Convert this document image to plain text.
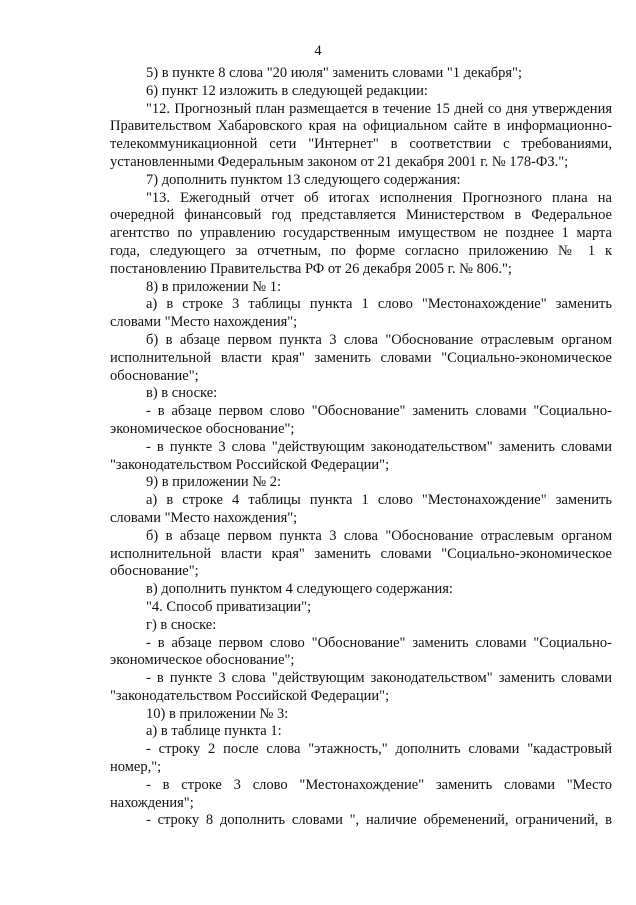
4

5) в пункте 8 слова "20 июля" заменить словами "1 декабря";

6) пункт 12 изложить в следующей редакции:

"12. Прогнозный план размещается в течение 15 дней со дня утверждения Правительством Хабаровского края на официальном сайте в информационно-телекоммуникационной сети "Интернет" в соответствии с требованиями, установленными Федеральным законом от 21 декабря 2001 г. № 178-ФЗ.";

7) дополнить пунктом 13 следующего содержания:

"13. Ежегодный отчет об итогах исполнения Прогнозного плана на очередной финансовый год представляется Министерством в Федеральное агентство по управлению государственным имуществом не позднее 1 марта года, следующего за отчетным, по форме согласно приложению № 1 к постановлению Правительства РФ от 26 декабря 2005 г. № 806.";

8) в приложении № 1:

а) в строке 3 таблицы пункта 1 слово "Местонахождение" заменить словами "Место нахождения";

б) в абзаце первом пункта 3 слова "Обоснование отраслевым органом исполнительной власти края" заменить словами "Социально-экономическое обоснование";

в) в сноске:

- в абзаце первом слово "Обоснование" заменить словами "Социально-экономическое обоснование";

- в пункте 3 слова "действующим законодательством" заменить словами "законодательством Российской Федерации";

9) в приложении № 2:

а) в строке 4 таблицы пункта 1 слово "Местонахождение" заменить словами "Место нахождения";

б) в абзаце первом пункта 3 слова "Обоснование отраслевым органом исполнительной власти края" заменить словами "Социально-экономическое обоснование";

в) дополнить пунктом 4 следующего содержания:

"4. Способ приватизации";

г) в сноске:

- в абзаце первом слово "Обоснование" заменить словами "Социально-экономическое обоснование";

- в пункте 3 слова "действующим законодательством" заменить словами "законодательством Российской Федерации";

10) в приложении № 3:

а) в таблице пункта 1:

- строку 2 после слова "этажность," дополнить словами "кадастровый номер,";

- в строке 3 слово "Местонахождение" заменить словами "Место нахождения";

- строку 8 дополнить словами ", наличие обременений, ограничений, в
